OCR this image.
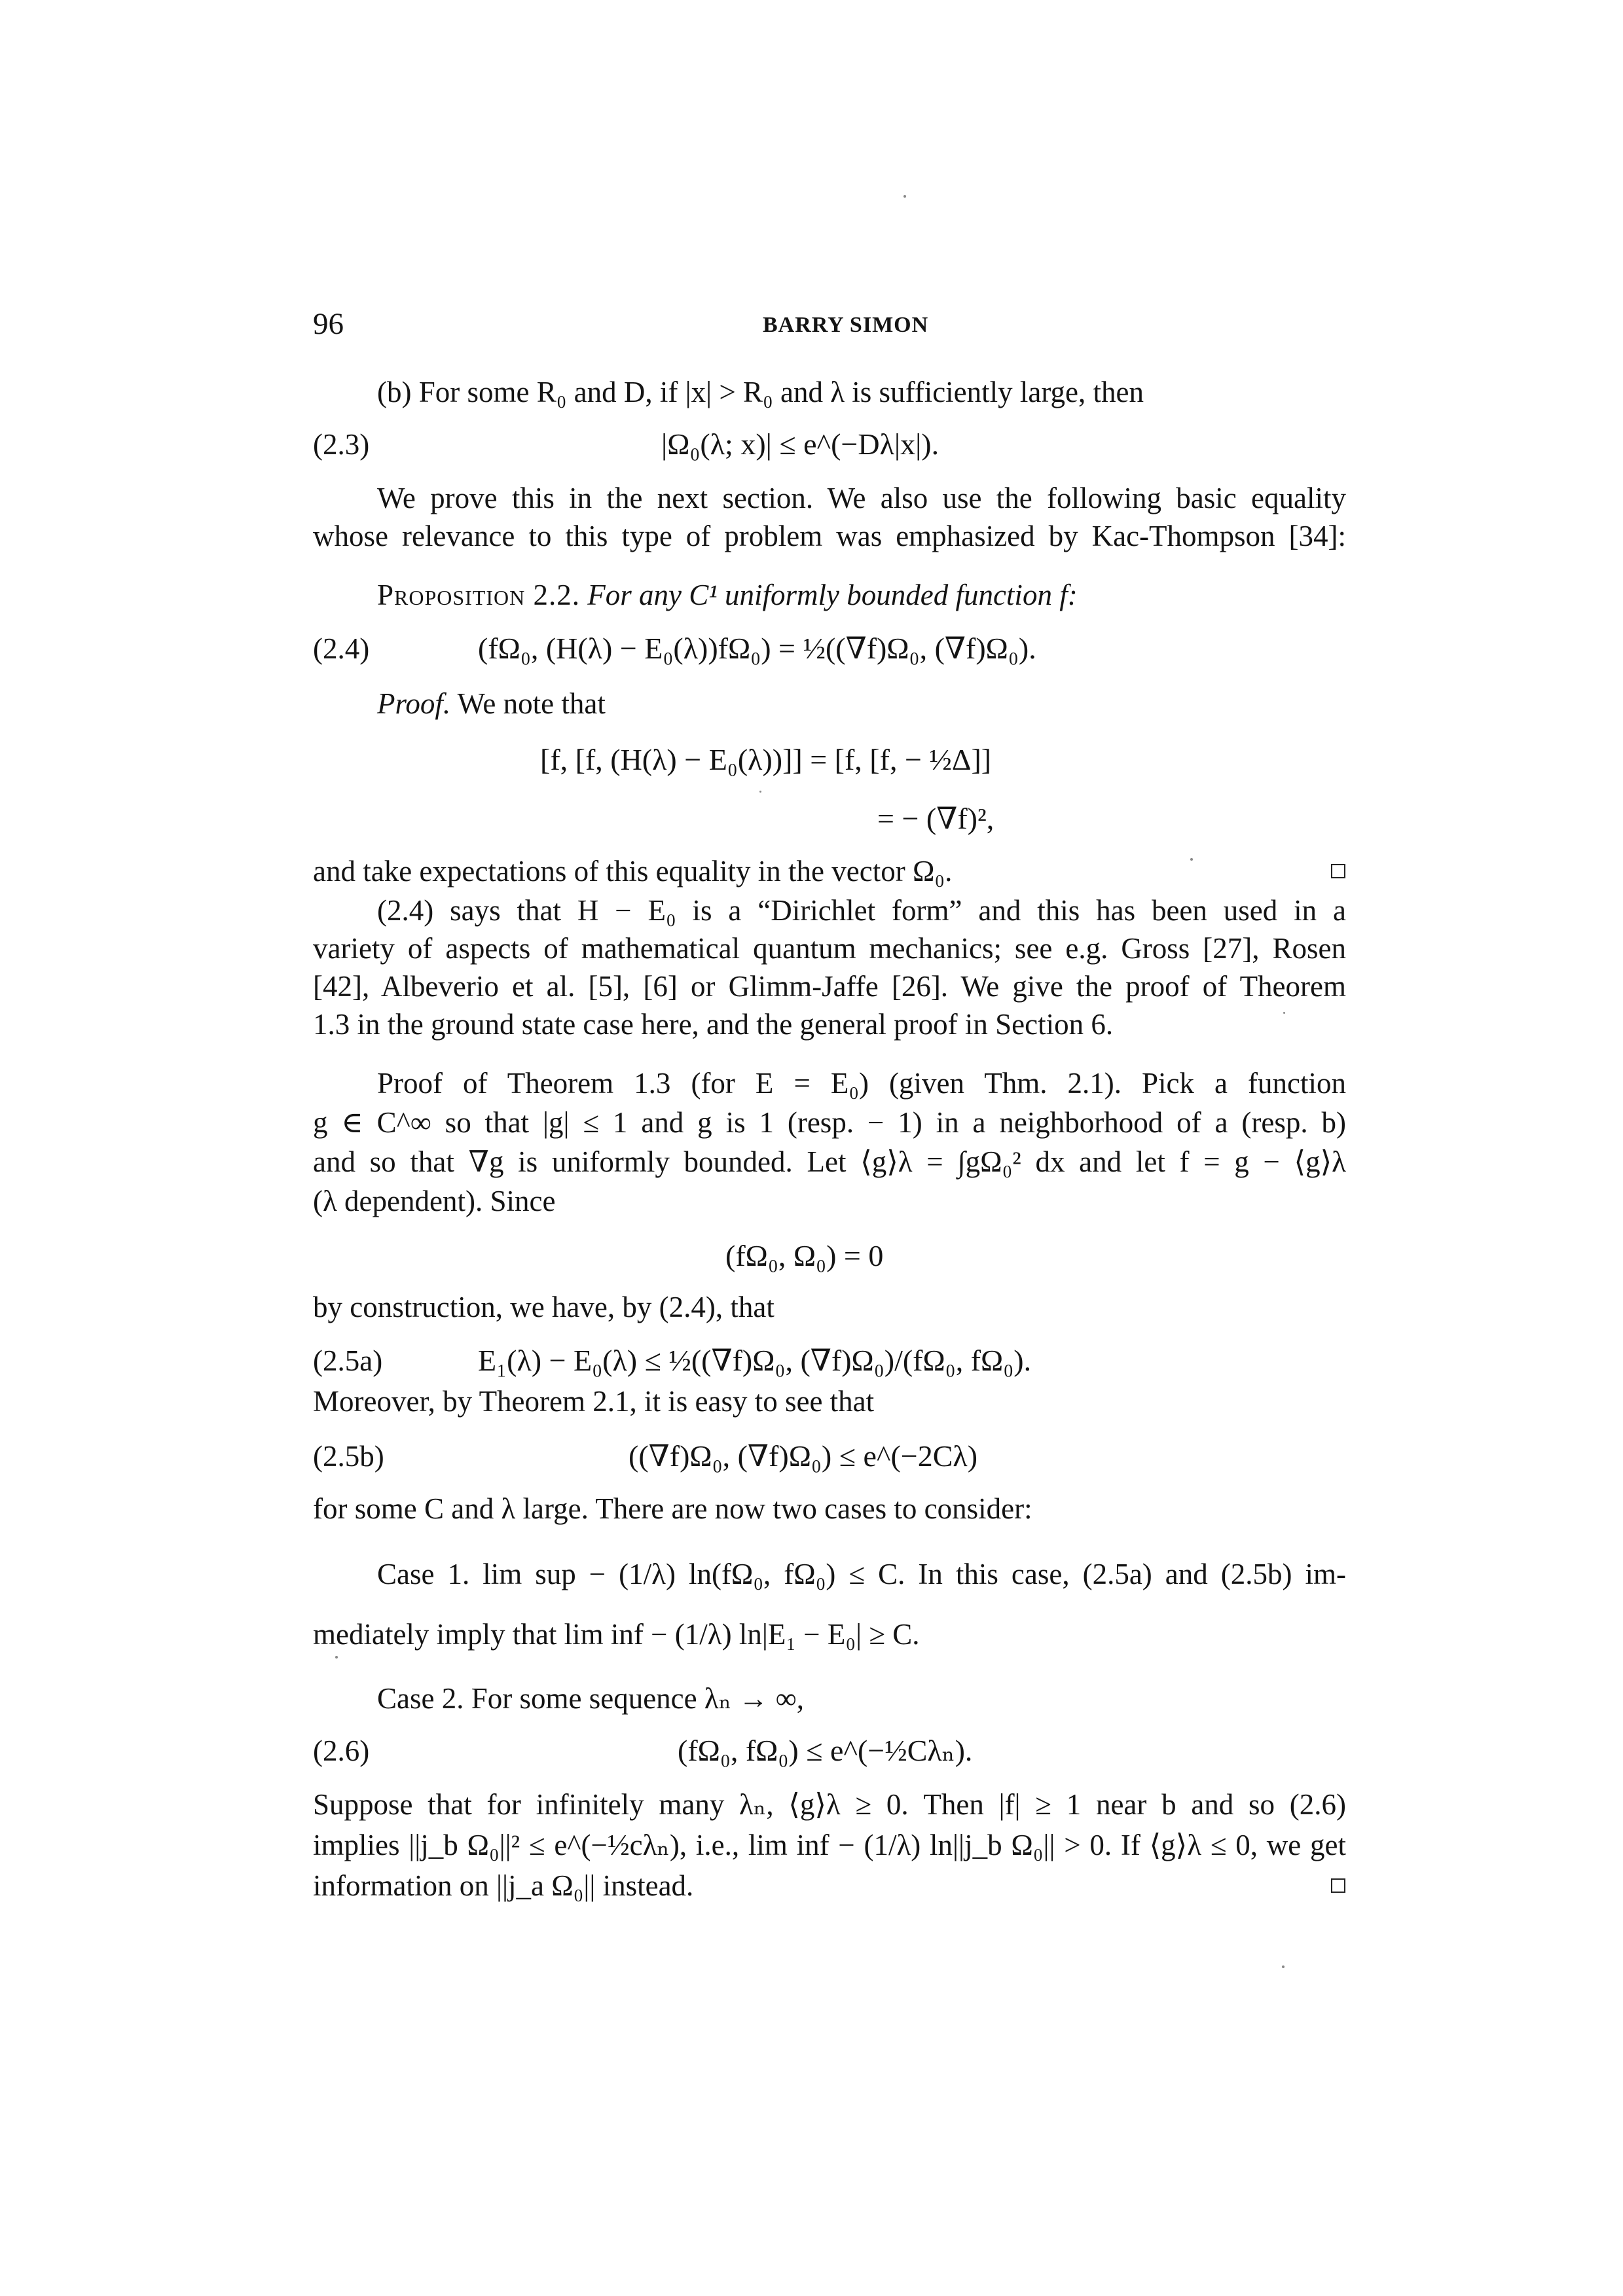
96	BARRY SIMON
(b) For some R₀ and D, if |x| > R₀ and λ is sufficiently large, then
(2.3)	|Ω₀(λ; x)| ≤ e^(−Dλ|x|).
We prove this in the next section. We also use the following basic equality
whose relevance to this type of problem was emphasized by Kac-Thompson [34]:
Proposition 2.2. For any C¹ uniformly bounded function f:
(2.4)	(fΩ₀, (H(λ) − E₀(λ))fΩ₀) = ½((∇f)Ω₀, (∇f)Ω₀).
Proof. We note that
[f, [f, (H(λ) − E₀(λ))]] = [f, [f, − ½Δ]]
= − (∇f)²,
and take expectations of this equality in the vector Ω₀.
(2.4) says that H − E₀ is a “Dirichlet form” and this has been used in a
variety of aspects of mathematical quantum mechanics; see e.g. Gross [27], Rosen
[42], Albeverio et al. [5], [6] or Glimm-Jaffe [26]. We give the proof of Theorem
1.3 in the ground state case here, and the general proof in Section 6.
Proof of Theorem 1.3 (for E = E₀) (given Thm. 2.1). Pick a function
g ∈ C^∞ so that |g| ≤ 1 and g is 1 (resp. − 1) in a neighborhood of a (resp. b)
and so that ∇g is uniformly bounded. Let ⟨g⟩λ = ∫gΩ₀² dx and let f = g − ⟨g⟩λ
(λ dependent). Since
(fΩ₀, Ω₀) = 0
by construction, we have, by (2.4), that
(2.5a)	E₁(λ) − E₀(λ) ≤ ½((∇f)Ω₀, (∇f)Ω₀)/(fΩ₀, fΩ₀).
Moreover, by Theorem 2.1, it is easy to see that
(2.5b)	((∇f)Ω₀, (∇f)Ω₀) ≤ e^(−2Cλ)
for some C and λ large. There are now two cases to consider:
Case 1. lim sup − (1/λ) ln(fΩ₀, fΩ₀) ≤ C. In this case, (2.5a) and (2.5b) im-
mediately imply that lim inf − (1/λ) ln|E₁ − E₀| ≥ C.
Case 2. For some sequence λₙ → ∞,
(2.6)	(fΩ₀, fΩ₀) ≤ e^(−½Cλₙ).
Suppose that for infinitely many λₙ, ⟨g⟩λ ≥ 0. Then |f| ≥ 1 near b and so (2.6)
implies ||j_b Ω₀||² ≤ e^(−½cλₙ), i.e., lim inf − (1/λ) ln||j_b Ω₀|| > 0. If ⟨g⟩λ ≤ 0, we get
information on ||j_a Ω₀|| instead.
